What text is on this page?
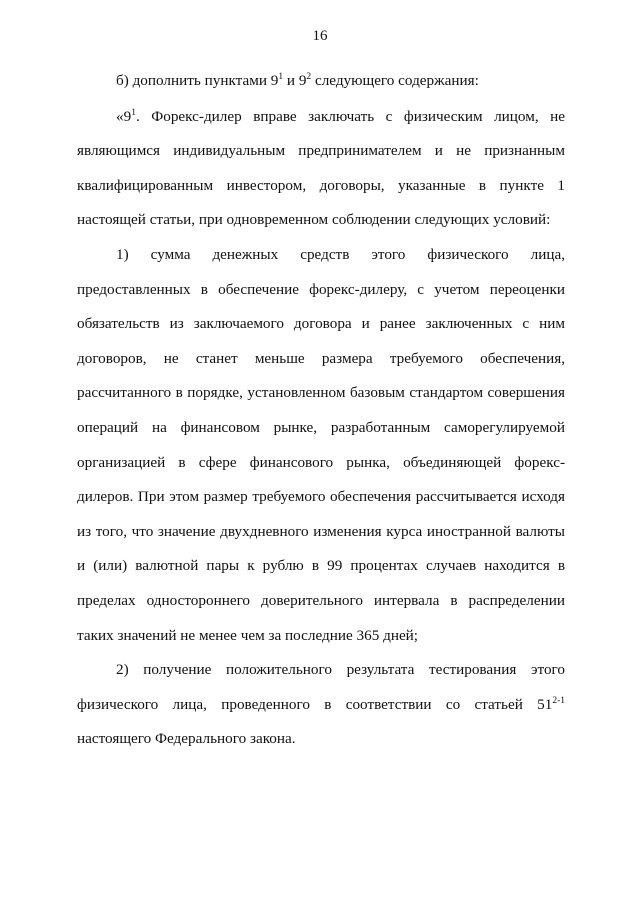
16

б) дополнить пунктами $9^1$ и $9^2$ следующего содержания:

«$9^1$. Форекс-дилер вправе заключать с физическим лицом, не являющимся индивидуальным предпринимателем и не признанным квалифицированным инвестором, договоры, указанные в пункте 1 настоящей статьи, при одновременном соблюдении следующих условий:

1) сумма денежных средств этого физического лица, предоставленных в обеспечение форекс-дилеру, с учетом переоценки обязательств из заключаемого договора и ранее заключенных с ним договоров, не станет меньше размера требуемого обеспечения, рассчитанного в порядке, установленном базовым стандартом совершения операций на финансовом рынке, разработанным саморегулируемой организацией в сфере финансового рынка, объединяющей форекс-дилеров. При этом размер требуемого обеспечения рассчитывается исходя из того, что значение двухдневного изменения курса иностранной валюты и (или) валютной пары к рублю в 99 процентах случаев находится в пределах одностороннего доверительного интервала в распределении таких значений не менее чем за последние 365 дней;

2) получение положительного результата тестирования этого физического лица, проведенного в соответствии со статьей 51$^{2-1}$ настоящего Федерального закона.
